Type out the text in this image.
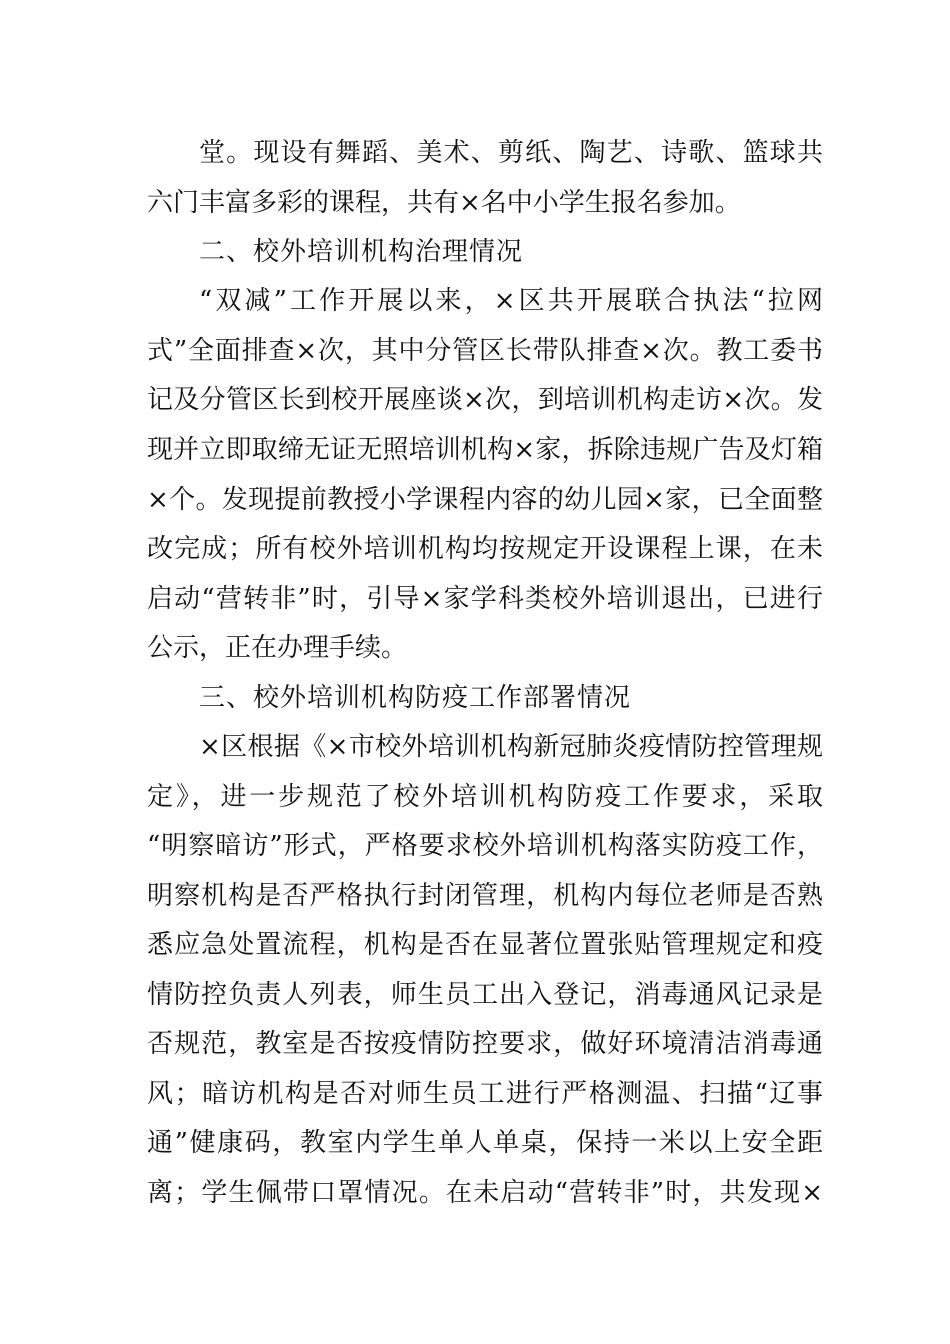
堂。现设有舞蹈、美术、剪纸、陶艺、诗歌、篮球共
六门丰富多彩的课程，共有×名中小学生报名参加。
二、校外培训机构治理情况
“双减”工作开展以来，×区共开展联合执法“拉网
式”全面排查×次，其中分管区长带队排查×次。教工委书
记及分管区长到校开展座谈×次，到培训机构走访×次。发
现并立即取缔无证无照培训机构×家，拆除违规广告及灯箱
×个。发现提前教授小学课程内容的幼儿园×家，已全面整
改完成；所有校外培训机构均按规定开设课程上课，在未
启动“营转非”时，引导×家学科类校外培训退出，已进行
公示，正在办理手续。
三、校外培训机构防疫工作部署情况
×区根据《×市校外培训机构新冠肺炎疫情防控管理规
定》，进一步规范了校外培训机构防疫工作要求，采取
“明察暗访”形式，严格要求校外培训机构落实防疫工作，
明察机构是否严格执行封闭管理，机构内每位老师是否熟
悉应急处置流程，机构是否在显著位置张贴管理规定和疫
情防控负责人列表，师生员工出入登记，消毒通风记录是
否规范，教室是否按疫情防控要求，做好环境清洁消毒通
风；暗访机构是否对师生员工进行严格测温、扫描“辽事
通”健康码，教室内学生单人单桌，保持一米以上安全距
离；学生佩带口罩情况。在未启动“营转非”时，共发现×
